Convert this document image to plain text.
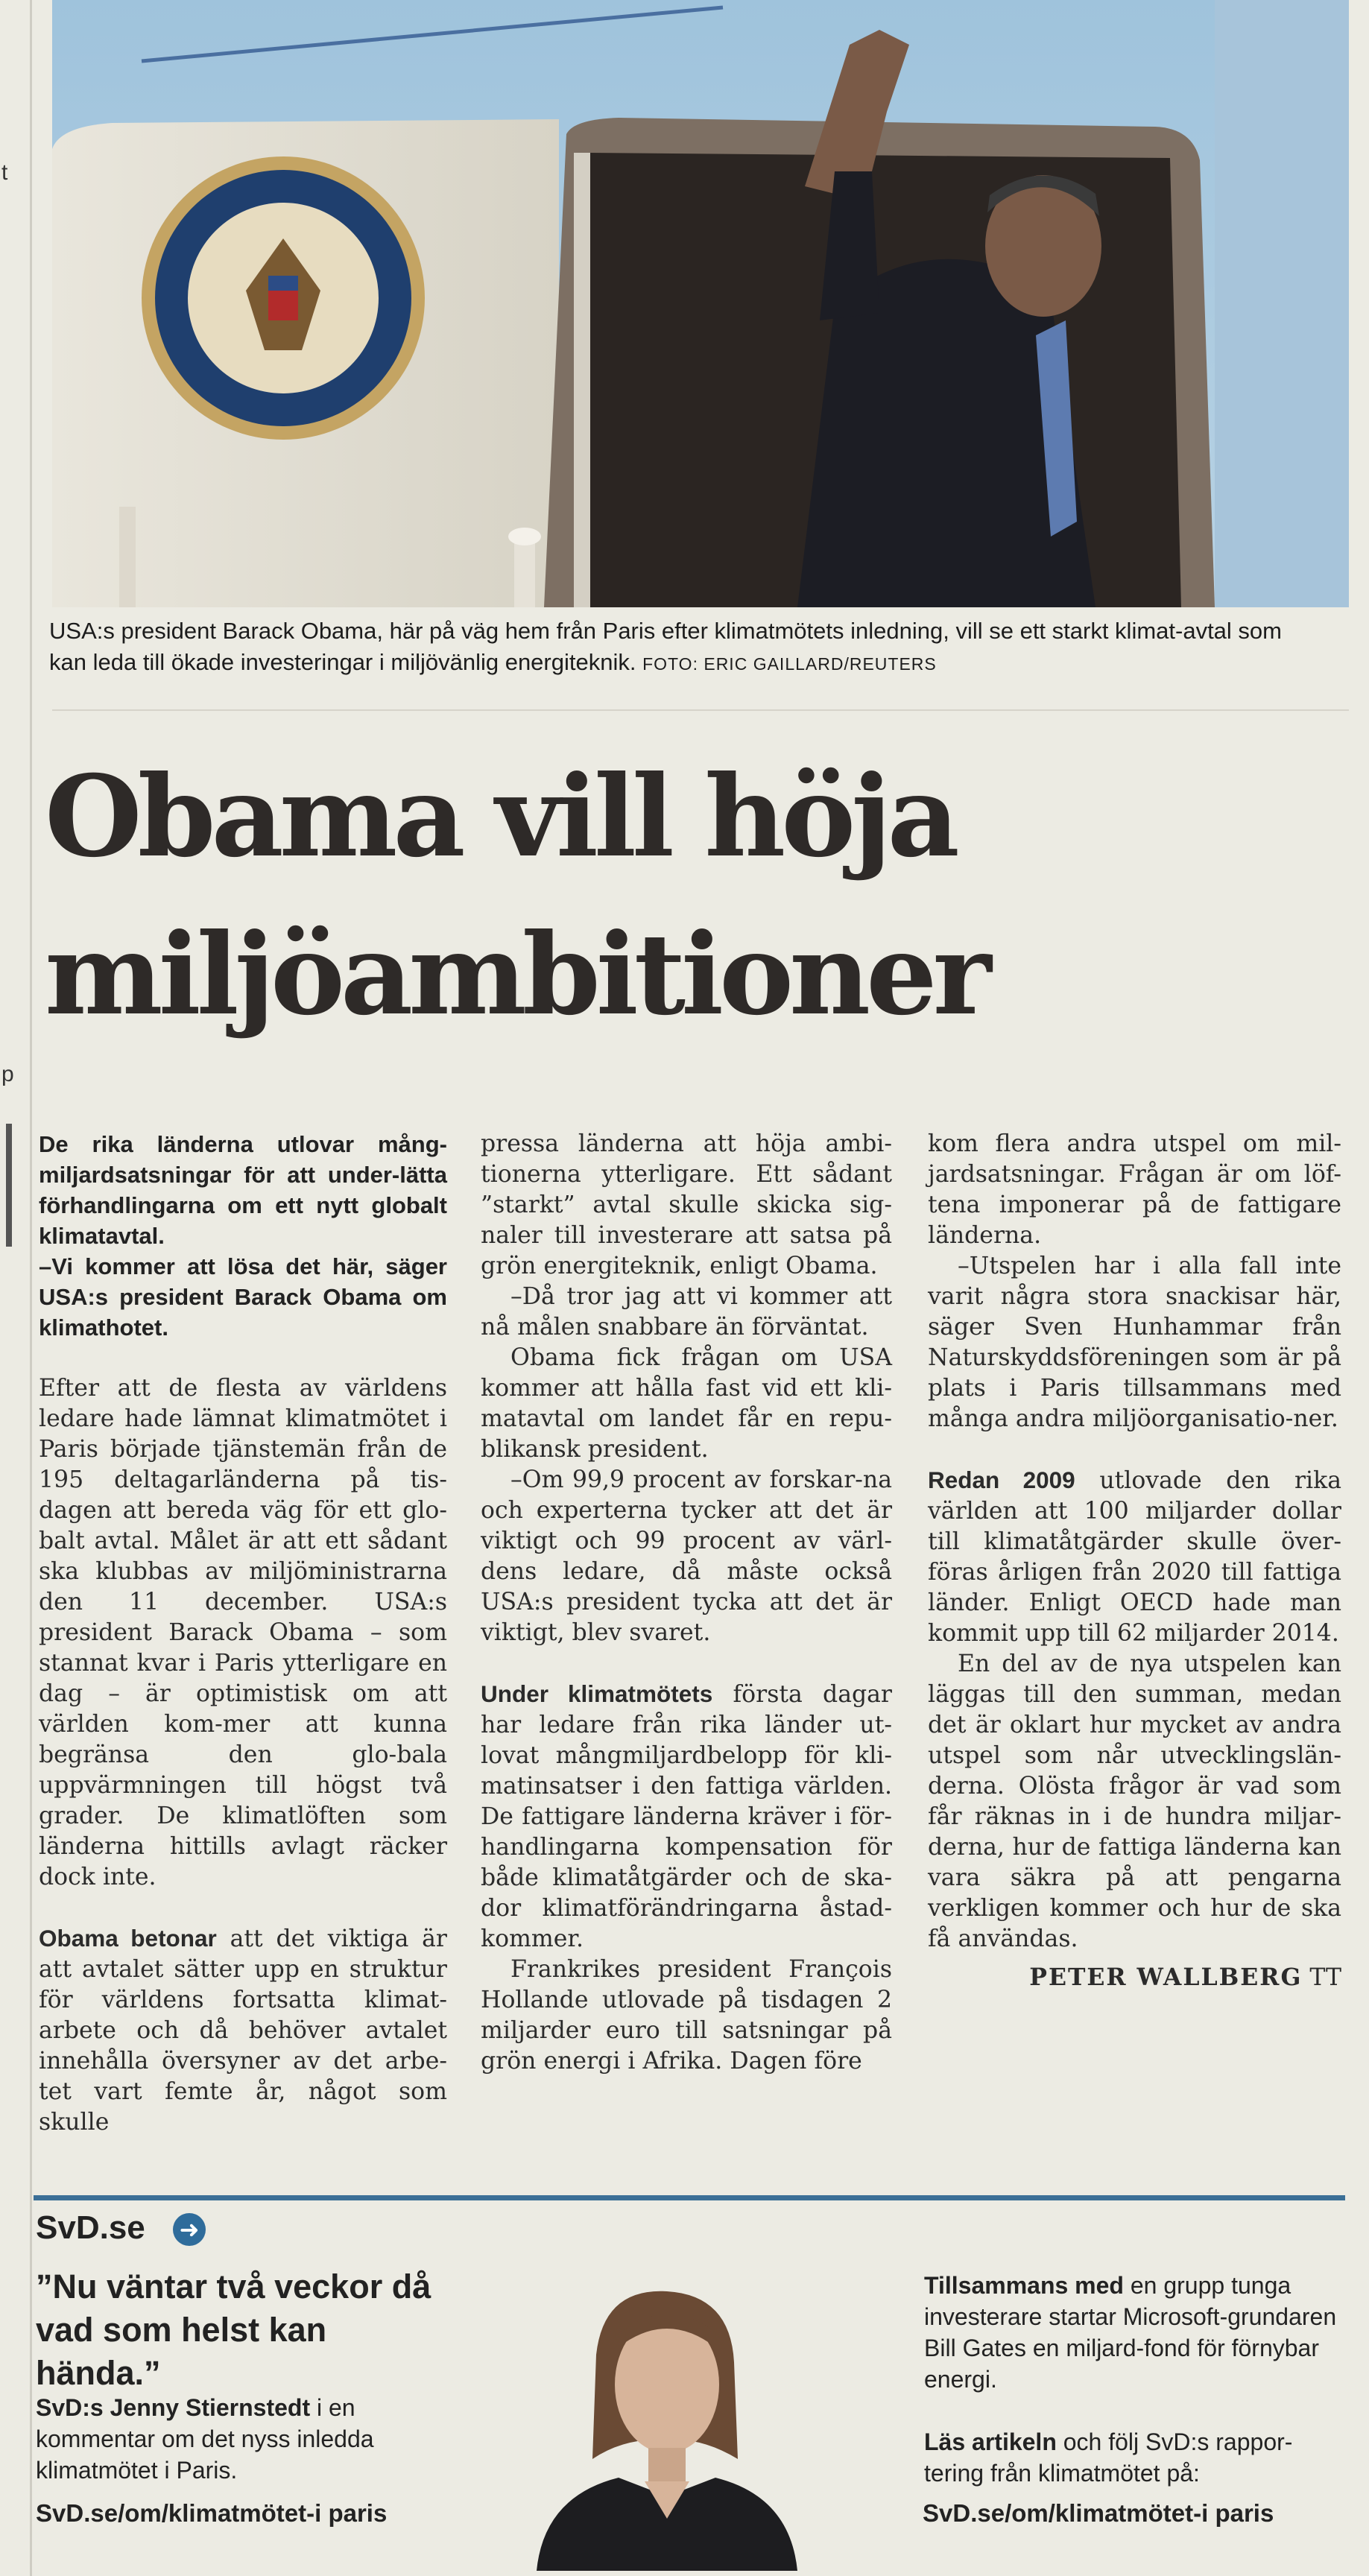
t
p
USA:s president Barack Obama, här på väg hem från Paris efter klimatmötets inledning, vill se ett starkt klimat-avtal som kan leda till ökade investeringar i miljövänlig energiteknik. FOTO: ERIC GAILLARD/REUTERS
Obama vill höja
miljöambitioner

De rika länderna utlovar mång-miljardsatsningar för att under-lätta förhandlingarna om ett nytt globalt klimatavtal.

–Vi kommer att lösa det här, säger USA:s president Barack Obama om klimathotet.

Efter att de flesta av världens ledare hade lämnat klimatmötet i Paris började tjänstemän från de 195 deltagarländerna på tis-dagen att bereda väg för ett glo-balt avtal. Målet är att ett sådant ska klubbas av miljöministrarna den 11 december. USA:s president Barack Obama – som stannat kvar i Paris ytterligare en dag – är optimistisk om att världen kom-mer att kunna begränsa den glo-bala uppvärmningen till högst två grader. De klimatlöften som länderna hittills avlagt räcker dock inte.

Obama betonar att det viktiga är att avtalet sätter upp en struktur för världens fortsatta klimat-arbete och då behöver avtalet innehålla översyner av det arbe-tet vart femte år, något som skulle

pressa länderna att höja ambi-tionerna ytterligare. Ett sådant ”starkt” avtal skulle skicka sig-naler till investerare att satsa på grön energiteknik, enligt Obama.

–Då tror jag att vi kommer att nå målen snabbare än förväntat.

Obama fick frågan om USA kommer att hålla fast vid ett kli-matavtal om landet får en repu-blikansk president.

–Om 99,9 procent av forskar-na och experterna tycker att det är viktigt och 99 procent av värl-dens ledare, då måste också USA:s president tycka att det är viktigt, blev svaret.

Under klimatmötets första dagar har ledare från rika länder ut-lovat mångmiljardbelopp för kli-matinsatser i den fattiga världen. De fattigare länderna kräver i för-handlingarna kompensation för både klimatåtgärder och de ska-dor klimatförändringarna åstad-kommer.

Frankrikes president François Hollande utlovade på tisdagen 2 miljarder euro till satsningar på grön energi i Afrika. Dagen före

kom flera andra utspel om mil-jardsatsningar. Frågan är om löf-tena imponerar på de fattigare länderna.

–Utspelen har i alla fall inte varit några stora snackisar här, säger Sven Hunhammar från Naturskyddsföreningen som är på plats i Paris tillsammans med många andra miljöorganisatio-ner.

Redan 2009 utlovade den rika världen att 100 miljarder dollar till klimatåtgärder skulle över-föras årligen från 2020 till fattiga länder. Enligt OECD hade man kommit upp till 62 miljarder 2014.

En del av de nya utspelen kan läggas till den summan, medan det är oklart hur mycket av andra utspel som når utvecklingslän-derna. Olösta frågor är vad som får räknas in i de hundra miljar-derna, hur de fattiga länderna kan vara säkra på att pengarna verkligen kommer och hur de ska få användas.

PETER WALLBERG TT
SvD.se ➜
”Nu väntar två veckor då vad som helst kan hända.”
SvD:s Jenny Stiernstedt i en kommentar om det nyss inledda klimatmötet i Paris.
SvD.se/om/klimatmötet-i paris

Tillsammans med en grupp tunga investerare startar Microsoft-grundaren Bill Gates en miljard-fond för förnybar energi.

Läs artikeln och följ SvD:s rappor-tering från klimatmötet på:

SvD.se/om/klimatmötet-i paris
